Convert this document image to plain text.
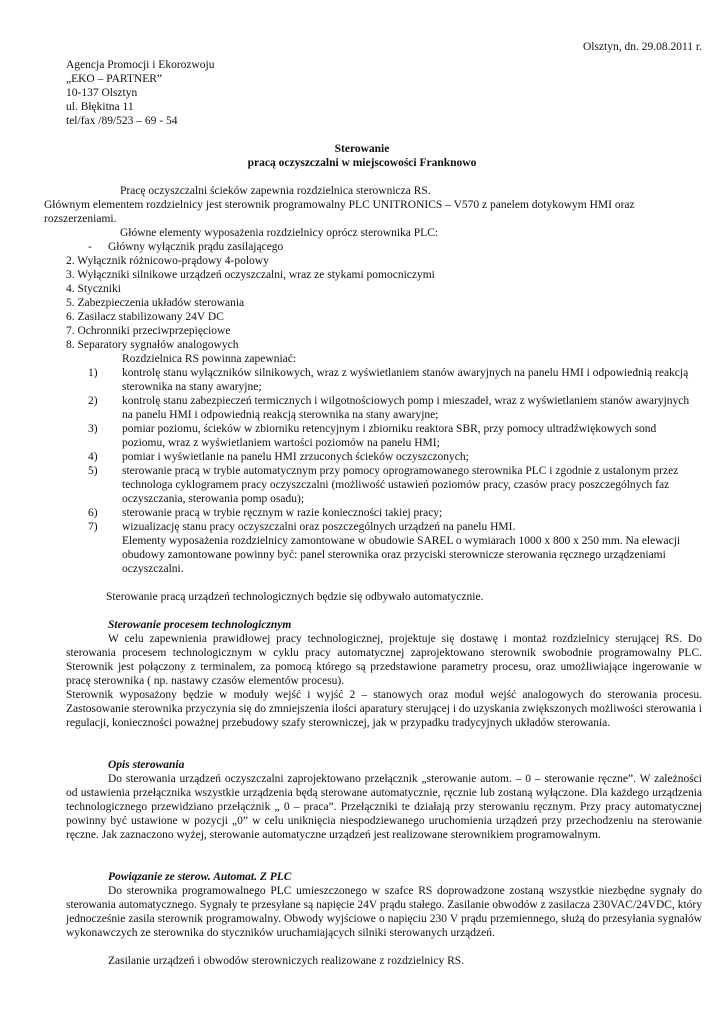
Olsztyn, dn. 29.08.2011 r.
Agencja Promocji i Ekorozwoju
„EKO – PARTNER”
10-137 Olsztyn
ul. Błękitna 11
tel/fax /89/523 – 69 - 54
Sterowanie
pracą oczyszczalni w miejscowości Franknowo
Pracę oczyszczalni ścieków zapewnia rozdzielnica sterownicza RS.
Głównym elementem rozdzielnicy jest sterownik programowalny PLC UNITRONICS – V570 z panelem dotykowym HMI oraz rozszerzeniami.
Główne elementy wyposażenia rozdzielnicy oprócz sterownika PLC:
- Główny wyłącznik prądu zasilającego
2. Wyłącznik różnicowo-prądowy 4-polowy
3. Wyłączniki silnikowe urządzeń oczyszczalni, wraz ze stykami pomocniczymi
4. Styczniki
5. Zabezpieczenia układów sterowania
6. Zasilacz stabilizowany 24V DC
7. Ochronniki przeciwprzepięciowe
8. Separatory sygnałów analogowych
Rozdzielnica RS powinna zapewniać:
1)	kontrolę stanu wyłączników silnikowych, wraz z wyświetlaniem stanów awaryjnych na panelu HMI i odpowiednią reakcją sterownika na stany awaryjne;
2)	kontrolę stanu zabezpieczeń termicznych i wilgotnościowych pomp i mieszadeł, wraz z wyświetlaniem stanów awaryjnych na panelu HMI i odpowiednią reakcją sterownika na stany awaryjne;
3)	pomiar poziomu, ścieków w zbiorniku retencyjnym i zbiorniku reaktora SBR, przy pomocy ultradźwiękowych sond poziomu, wraz z wyświetlaniem wartości poziomów na panelu HMI;
4)	pomiar i wyświetlanie na panelu HMI zrzuconych ścieków oczyszczonych;
5)	sterowanie pracą w trybie automatycznym przy pomocy oprogramowanego sterownika PLC i zgodnie z ustalonym przez technologa cyklogramem pracy oczyszczalni (możliwość ustawień poziomów pracy, czasów pracy poszczególnych faz oczyszczania, sterowania pomp osadu);
6)	sterowanie pracą w trybie ręcznym w razie konieczności takiej pracy;
7)	wizualizację stanu pracy oczyszczalni oraz poszczególnych urządzeń na panelu HMI.
Elementy wyposażenia rozdzielnicy zamontowane w obudowie SAREL o wymiarach 1000 x 800 x 250 mm. Na elewacji obudowy zamontowane powinny być: panel sterownika oraz przyciski sterownicze sterowania ręcznego urządzeniami oczyszczalni.
Sterowanie pracą urządzeń technologicznych będzie się odbywało automatycznie.
Sterowanie procesem technologicznym
W celu zapewnienia prawidłowej pracy technologicznej, projektuje się dostawę i montaż rozdzielnicy sterującej RS. Do sterowania procesem technologicznym w cyklu pracy automatycznej zaprojektowano sterownik swobodnie programowalny PLC. Sterownik jest połączony z terminalem, za pomocą którego są przedstawione parametry procesu, oraz umożliwiające ingerowanie w pracę sterownika ( np. nastawy czasów elementów procesu).
Sterownik wyposażony będzie w moduły wejść i wyjść 2 – stanowych oraz moduł wejść analogowych do sterowania procesu. Zastosowanie sterownika przyczynia się do zmniejszenia ilości aparatury sterującej i do uzyskania zwiększonych możliwości sterowania i regulacji, konieczności poważnej przebudowy szafy sterowniczej, jak w przypadku tradycyjnych układów sterowania.
Opis sterowania
Do sterowania urządzeń oczyszczalni zaprojektowano przełącznik „sterowanie autom. – 0 – sterowanie ręczne”. W zależności od ustawienia przełącznika wszystkie urządzenia będą sterowane automatycznie, ręcznie lub zostaną wyłączone. Dla każdego urządzenia technologicznego przewidziano przełącznik „ 0 – praca”. Przełączniki te działają przy sterowaniu ręcznym. Przy pracy automatycznej powinny być ustawione w pozycji „0” w celu uniknięcia niespodziewanego uruchomienia urządzeń przy przechodzeniu na sterowanie ręczne. Jak zaznaczono wyżej, sterowanie automatyczne urządzeń jest realizowane sterownikiem programowalnym.
Powiązanie ze sterow. Automat. Z PLC
Do sterownika programowalnego PLC umieszczonego w szafce RS doprowadzone zostaną wszystkie niezbędne sygnały do sterowania automatycznego. Sygnały te przesyłane są napięcie 24V prądu stałego. Zasilanie obwodów z zasilacza 230VAC/24VDC, który jednocześnie zasila sterownik programowalny. Obwody wyjściowe o napięciu 230 V prądu przemiennego, służą do przesyłania sygnałów wykonawczych ze sterownika do styczników uruchamiających silniki sterowanych urządzeń.
Zasilanie urządzeń i obwodów sterowniczych realizowane z rozdzielnicy RS.
